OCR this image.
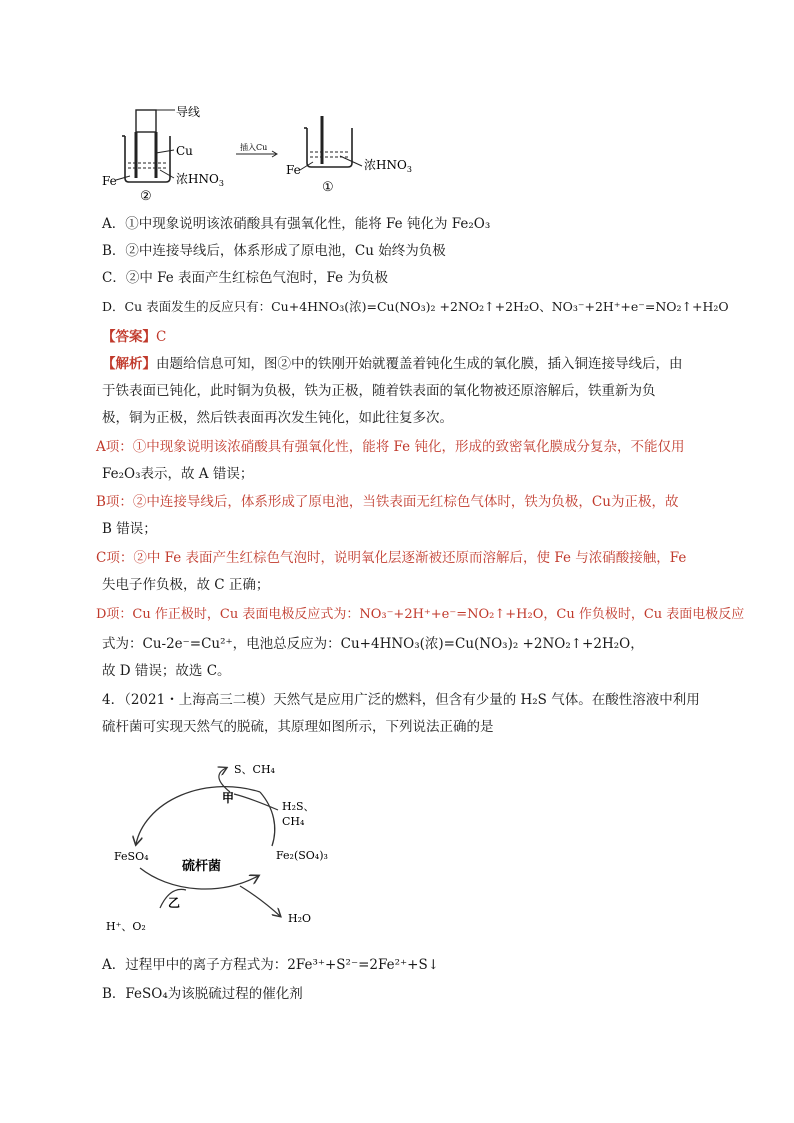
导线
Cu
Fe	浓$HNO_3$
②
插入Cu
Fe	浓$HNO_3$
①
A．①中现象说明该浓硝酸具有强氧化性，能将 Fe 钝化为 Fe₂O₃
B．②中连接导线后，体系形成了原电池，Cu 始终为负极
C．②中 Fe 表面产生红棕色气泡时，Fe 为负极
D．Cu 表面发生的反应只有：Cu+4HNO₃(浓)=Cu(NO₃)₂ +2NO₂↑+2H₂O、NO₃⁻+2H⁺+e⁻=NO₂↑+H₂O
【答案】C
【解析】由题给信息可知，图②中的铁刚开始就覆盖着钝化生成的氧化膜，插入铜连接导线后，由
于铁表面已钝化，此时铜为负极，铁为正极，随着铁表面的氧化物被还原溶解后，铁重新为负
极，铜为正极，然后铁表面再次发生钝化，如此往复多次。
A项：①中现象说明该浓硝酸具有强氧化性，能将 Fe 钝化，形成的致密氧化膜成分复杂，不能仅用
Fe₂O₃表示，故 A 错误；
B项：②中连接导线后，体系形成了原电池，当铁表面无红棕色气体时，铁为负极，Cu为正极，故
B 错误；
C项：②中 Fe 表面产生红棕色气泡时，说明氧化层逐渐被还原而溶解后，使 Fe 与浓硝酸接触，Fe
失电子作负极，故 C 正确；
D项：Cu 作正极时，Cu 表面电极反应式为：NO₃⁻+2H⁺+e⁻=NO₂↑+H₂O，Cu 作负极时，Cu 表面电极反应
式为：Cu-2e⁻=Cu²⁺，电池总反应为：Cu+4HNO₃(浓)=Cu(NO₃)₂ +2NO₂↑+2H₂O，
故 D 错误；故选 C。
4．（2021・上海高三二模）天然气是应用广泛的燃料，但含有少量的 H₂S 气体。在酸性溶液中利用
硫杆菌可实现天然气的脱硫，其原理如图所示，下列说法正确的是
S、CH₄
甲
H₂S、
CH₄
FeSO₄	Fe₂(SO₄)₃
硫杆菌
乙
H⁺、O₂
H₂O
A．过程甲中的离子方程式为：2Fe³⁺+S²⁻=2Fe²⁺+S↓
B．FeSO₄为该脱硫过程的催化剂
